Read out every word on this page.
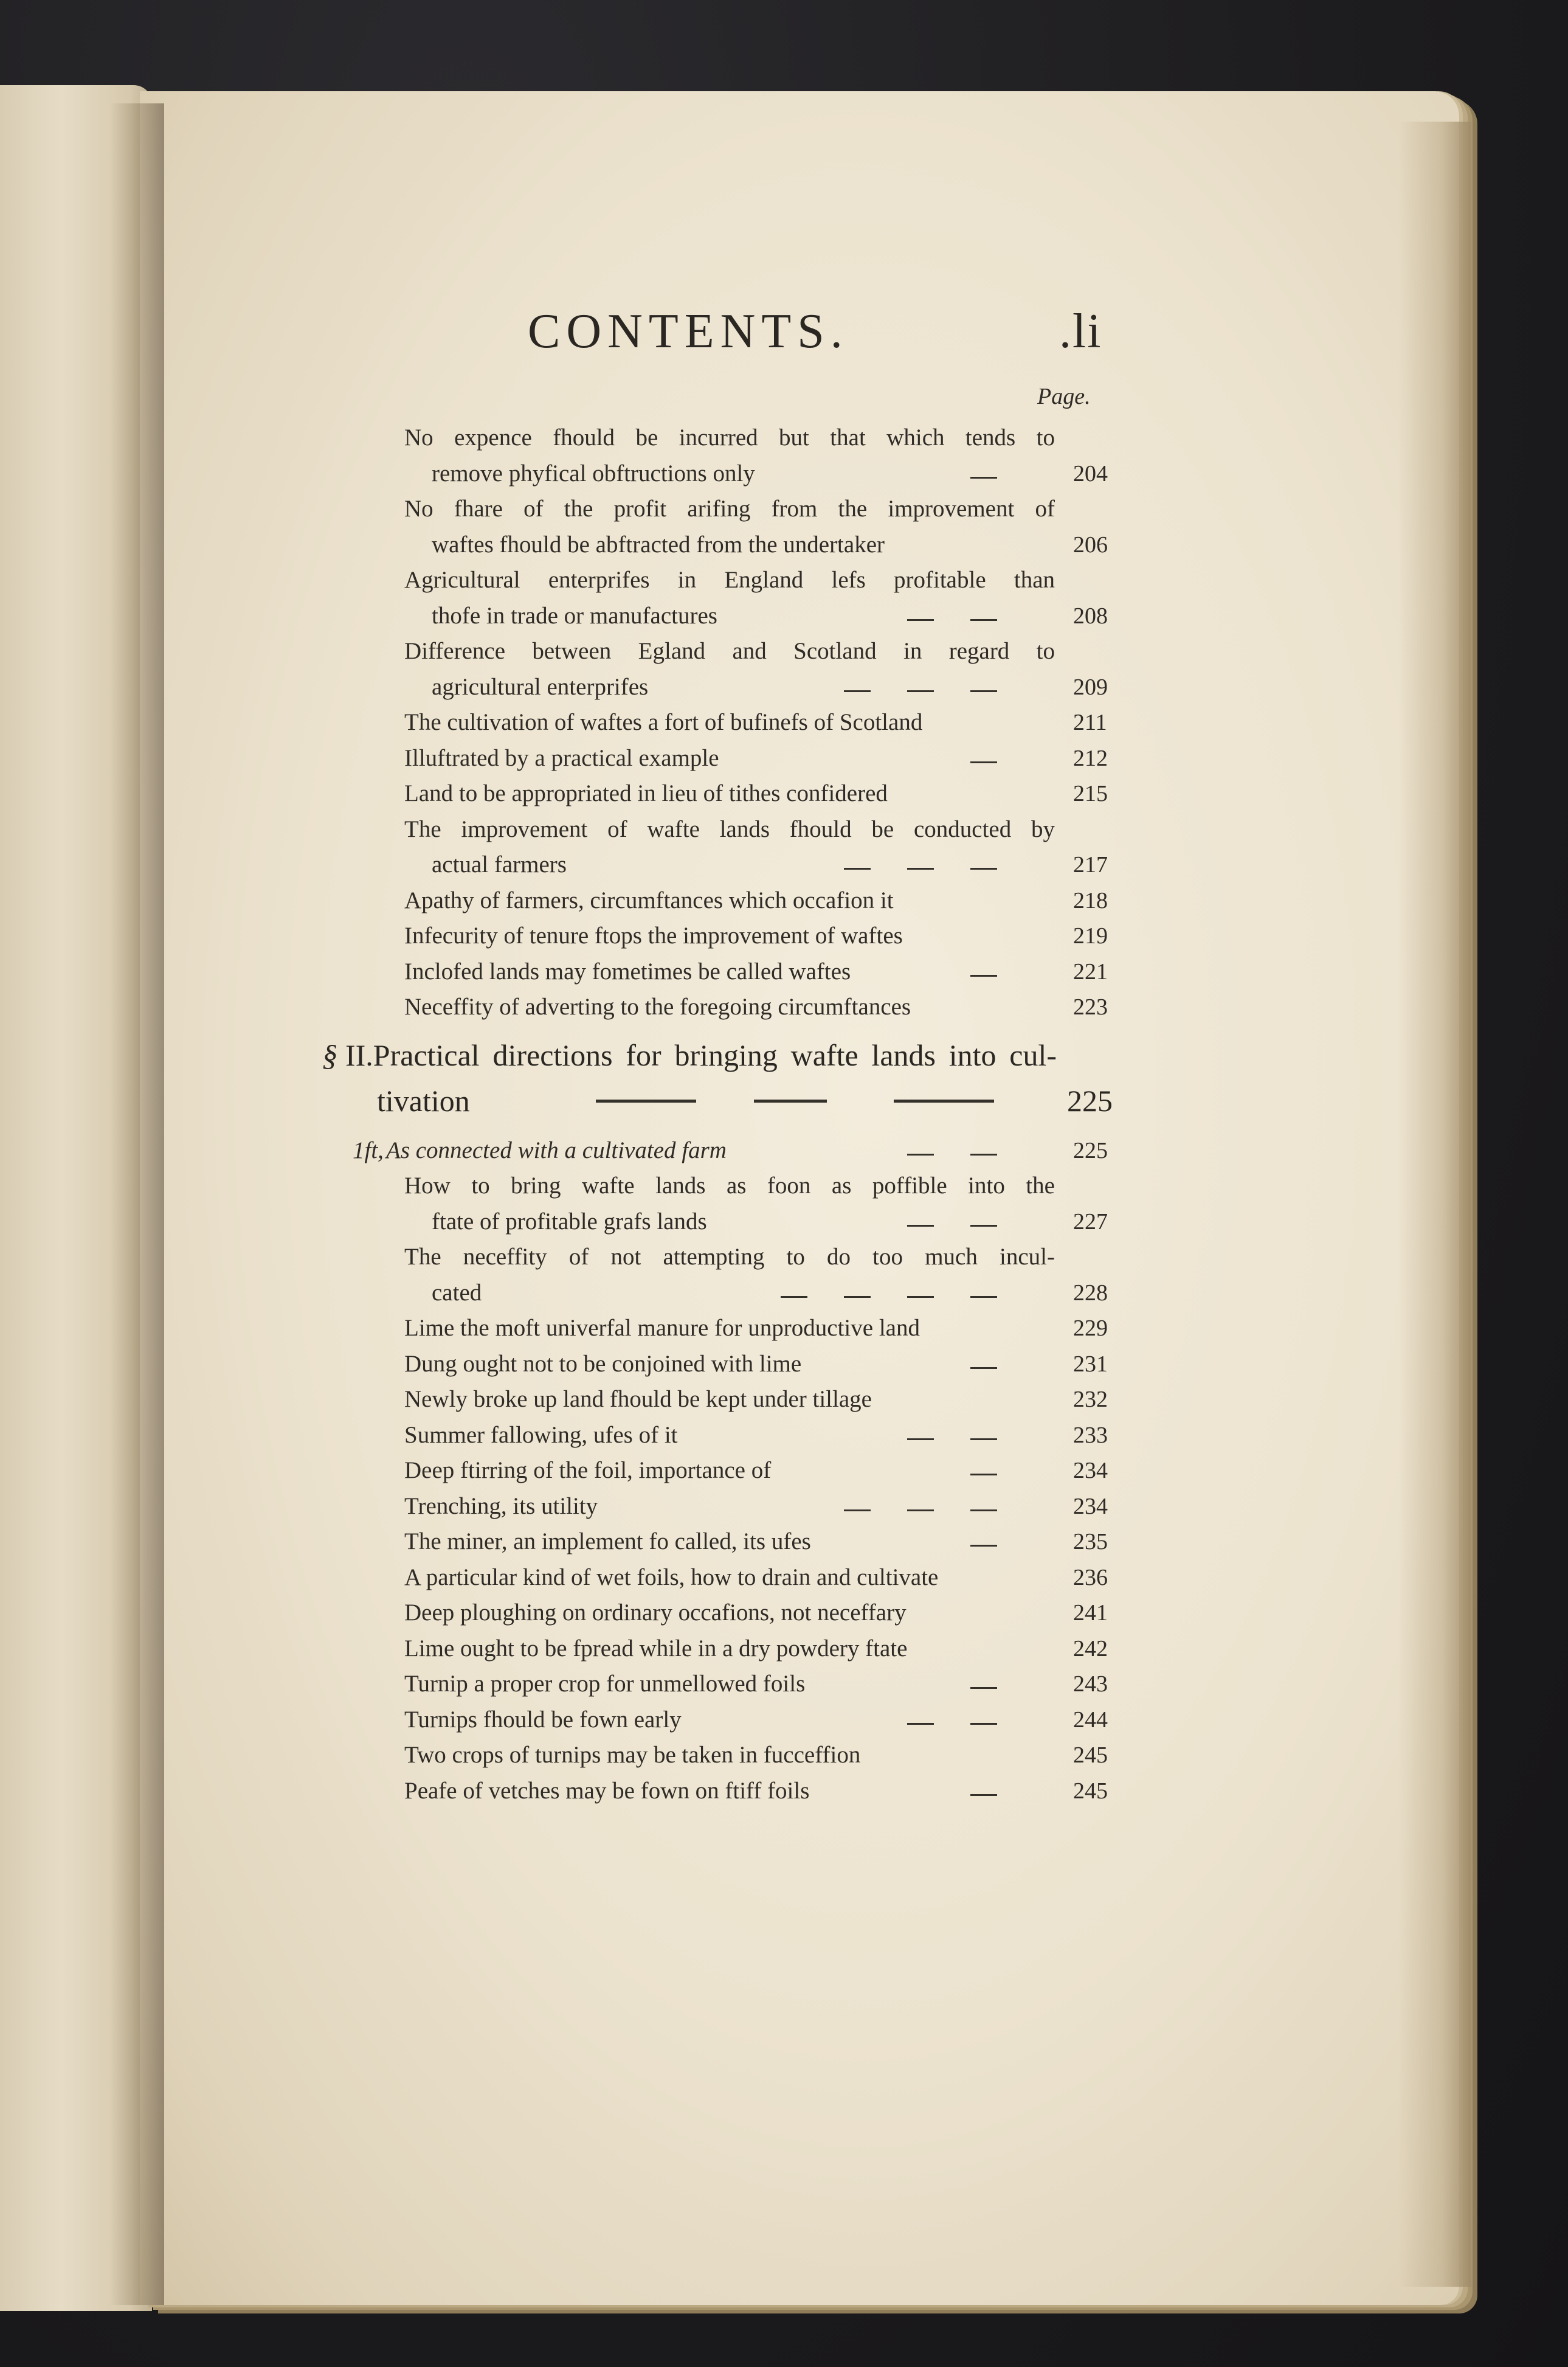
CONTENTS.	.li
Page.
No expence fhould be incurred but that which tends to
remove phyfical obftructions only	204
No fhare of the profit arifing from the improvement of
waftes fhould be abftracted from the undertaker	206
Agricultural enterprifes in England lefs profitable than
thofe in trade or manufactures	208
Difference between Egland and Scotland in regard to
agricultural enterprifes	209
The cultivation of waftes a fort of bufinefs of Scotland	211
Illuftrated by a practical example	212
Land to be appropriated in lieu of tithes confidered	215
The improvement of wafte lands fhould be conducted by
actual farmers	217
Apathy of farmers, circumftances which occafion it	218
Infecurity of tenure ftops the improvement of waftes	219
Inclofed lands may fometimes be called waftes	221
Neceffity of adverting to the foregoing circumftances	223
§ II.Practical directions for bringing wafte lands into cul-
tivation	225
1ft, As connected with a cultivated farm	225
How to bring wafte lands as foon as poffible into the
ftate of profitable grafs lands	227
The neceffity of not attempting to do too much incul-
cated	228
Lime the moft univerfal manure for unproductive land	229
Dung ought not to be conjoined with lime	231
Newly broke up land fhould be kept under tillage	232
Summer fallowing, ufes of it	233
Deep ftirring of the foil, importance of	234
Trenching, its utility	234
The miner, an implement fo called, its ufes	235
A particular kind of wet foils, how to drain and cultivate	236
Deep ploughing on ordinary occafions, not neceffary	241
Lime ought to be fpread while in a dry powdery ftate	242
Turnip a proper crop for unmellowed foils	243
Turnips fhould be fown early	244
Two crops of turnips may be taken in fucceffion	245
Peafe of vetches may be fown on ftiff foils	245
